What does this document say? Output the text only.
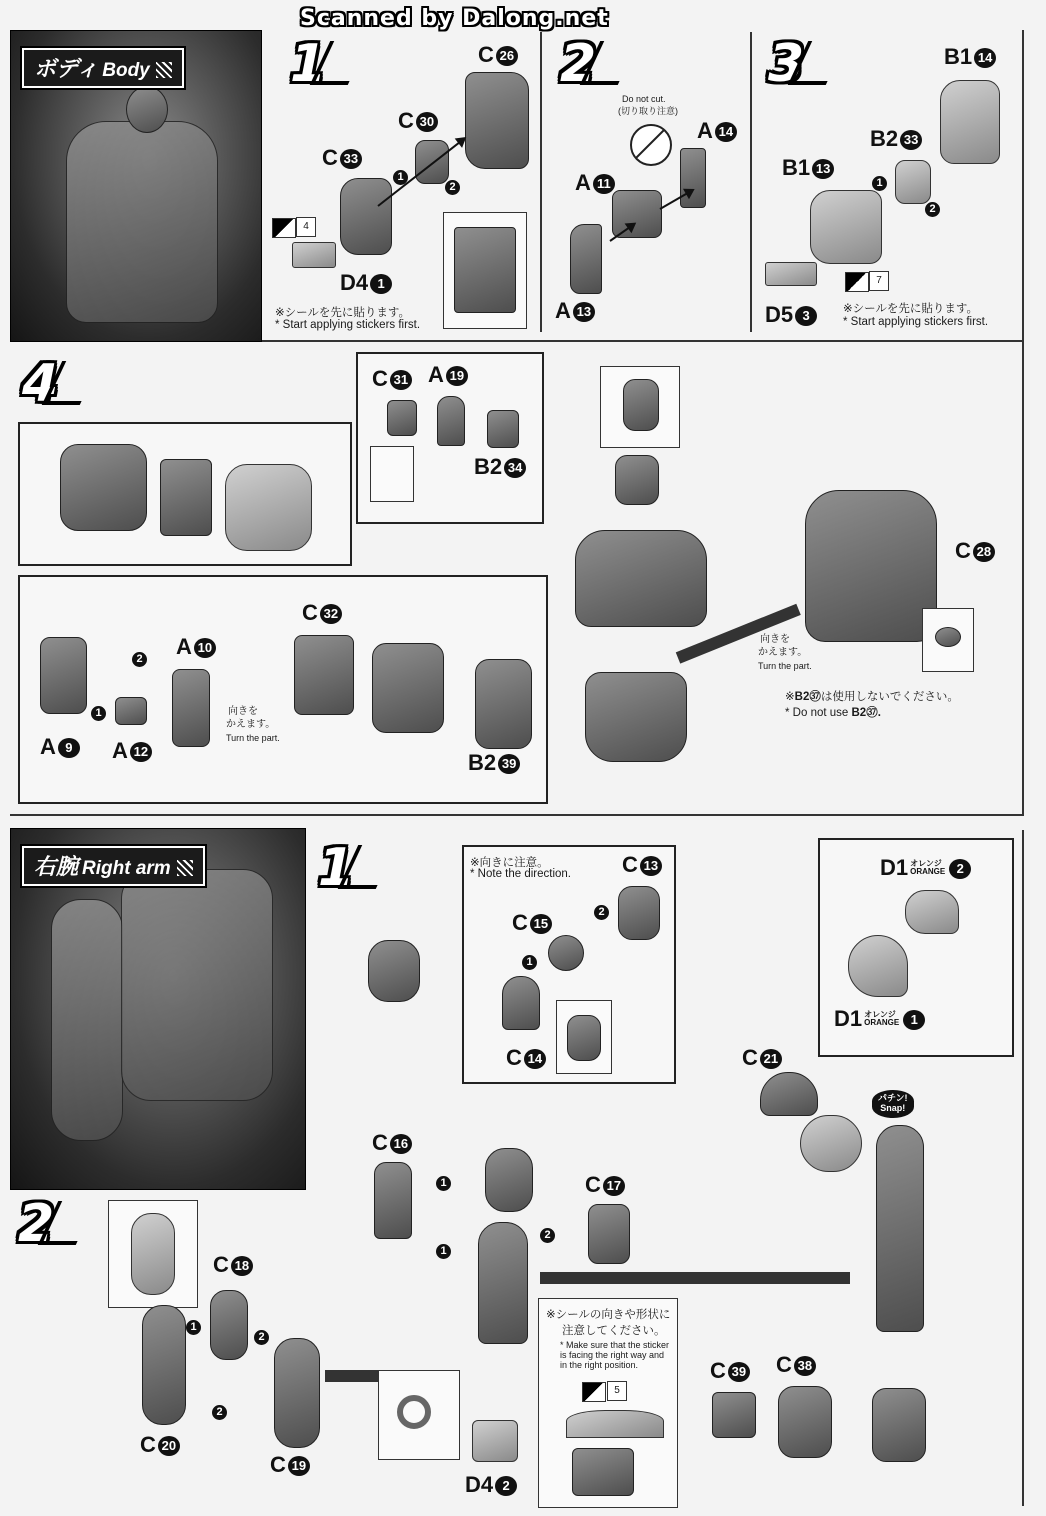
Scanned by Dalong.net
ボディ Body	1	C 26
C 30
C 33
D4 1
4
1
2
※シールを先に貼ります。
* Start applying stickers first.
2
Do not cut.
(切り取り注意)
A 14
A 11
A 13
3	B1 14
B2 33
B1 13
D5 3
7
1
2
※シールを先に貼ります。
* Start applying stickers first.
4	C 31 A 19
B2 34
向きを
かえます。
Turn the part.
C 28
※B2㊲は使用しないでください。
* Do not use B2㊲.
A 10
A 9	A 12
C 32
B2 39
1
2
向きを
かえます。
Turn the part.
右腕 Right arm	1	※向きに注意。
* Note the direction. C 13
C 15
C 14
1
2
D1 オレンジ
ORANGE 2
D1 オレンジ
ORANGE 1
C 21
パチン!
Snap!
2
C 16
C 17
C 18
C 20
C 19
D4 2
C 39 C 38
1
1
2
1
2
2
※シールの向きや形状に
注意してください。
* Make sure that the sticker
is facing the right way and
in the right position.
5
